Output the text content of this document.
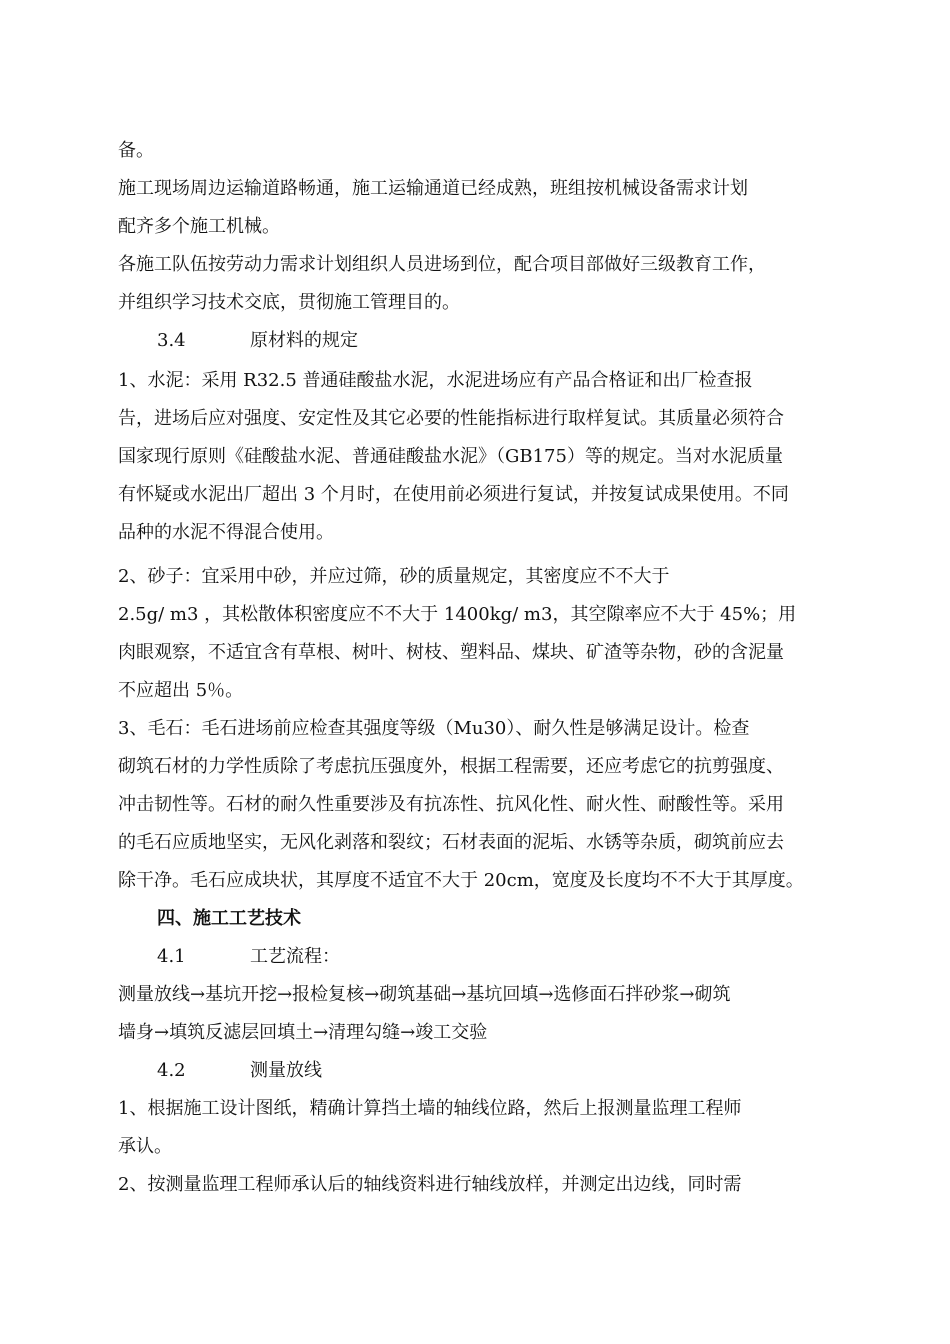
备。
施工现场周边运输道路畅通，施工运输通道已经成熟，班组按机械设备需求计划
配齐多个施工机械。
各施工队伍按劳动力需求计划组织人员进场到位，配合项目部做好三级教育工作，
并组织学习技术交底，贯彻施工管理目的。
3.4	原材料的规定
1、水泥：采用 R32.5 普通硅酸盐水泥，水泥进场应有产品合格证和出厂检查报
告，进场后应对强度、安定性及其它必要的性能指标进行取样复试。其质量必须符合
国家现行原则《硅酸盐水泥、普通硅酸盐水泥》（GB175）等的规定。当对水泥质量
有怀疑或水泥出厂超出 3 个月时，在使用前必须进行复试，并按复试成果使用。不同
品种的水泥不得混合使用。
2、砂子：宜采用中砂，并应过筛，砂的质量规定，其密度应不不大于
2.5g/ m3 ，其松散体积密度应不不大于 1400kg/ m3，其空隙率应不大于 45%；用
肉眼观察，不适宜含有草根、树叶、树枝、塑料品、煤块、矿渣等杂物，砂的含泥量
不应超出 5％。
3、毛石：毛石进场前应检查其强度等级（Mu30）、耐久性是够满足设计。检查
砌筑石材的力学性质除了考虑抗压强度外，根据工程需要，还应考虑它的抗剪强度、
冲击韧性等。石材的耐久性重要涉及有抗冻性、抗风化性、耐火性、耐酸性等。采用
的毛石应质地坚实，无风化剥落和裂纹；石材表面的泥垢、水锈等杂质，砌筑前应去
除干净。毛石应成块状，其厚度不适宜不大于 20cm，宽度及长度均不不大于其厚度。
四、施工工艺技术
4.1	工艺流程：
测量放线→基坑开挖→报检复核→砌筑基础→基坑回填→选修面石拌砂浆→砌筑
墙身→填筑反滤层回填土→清理勾缝→竣工交验
4.2	测量放线
1、根据施工设计图纸，精确计算挡土墙的轴线位路，然后上报测量监理工程师
承认。
2、按测量监理工程师承认后的轴线资料进行轴线放样，并测定出边线，同时需
